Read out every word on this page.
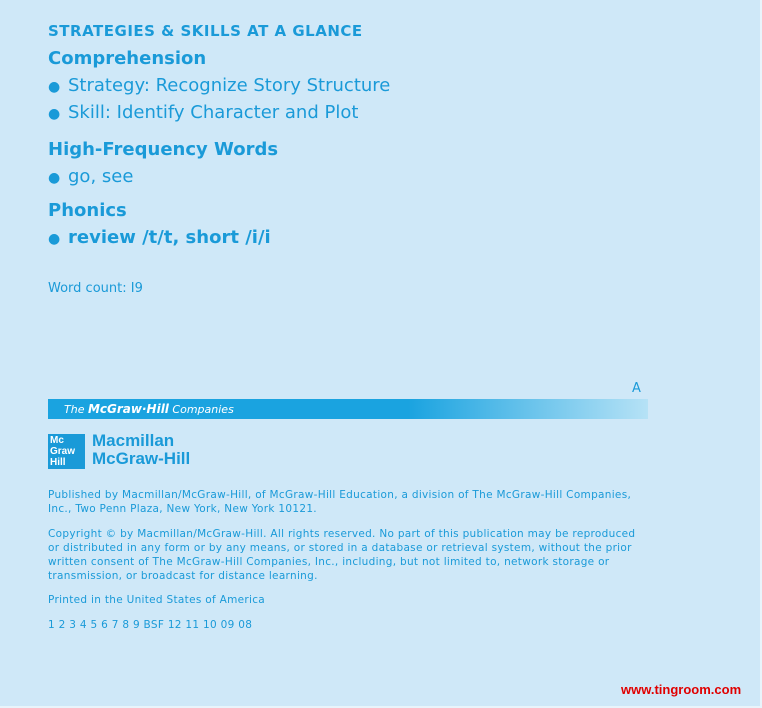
STRATEGIES & SKILLS AT A GLANCE
Comprehension
● Strategy: Recognize Story Structure
● Skill: Identify Character and Plot
High-Frequency Words
● go, see
Phonics
● review /t/t, short /i/i
Word count: I9
A
The McGraw·Hill Companies
Mc
Graw
Hill
Macmillan
McGraw-Hill
Published by Macmillan/McGraw-Hill, of McGraw-Hill Education, a division of The McGraw-Hill Companies,
Inc., Two Penn Plaza, New York, New York 10121.
Copyright © by Macmillan/McGraw-Hill. All rights reserved. No part of this publication may be reproduced
or distributed in any form or by any means, or stored in a database or retrieval system, without the prior
written consent of The McGraw-Hill Companies, Inc., including, but not limited to, network storage or
transmission, or broadcast for distance learning.
Printed in the United States of America
1 2 3 4 5 6 7 8 9 BSF 12 11 10 09 08
www.tingroom.com
